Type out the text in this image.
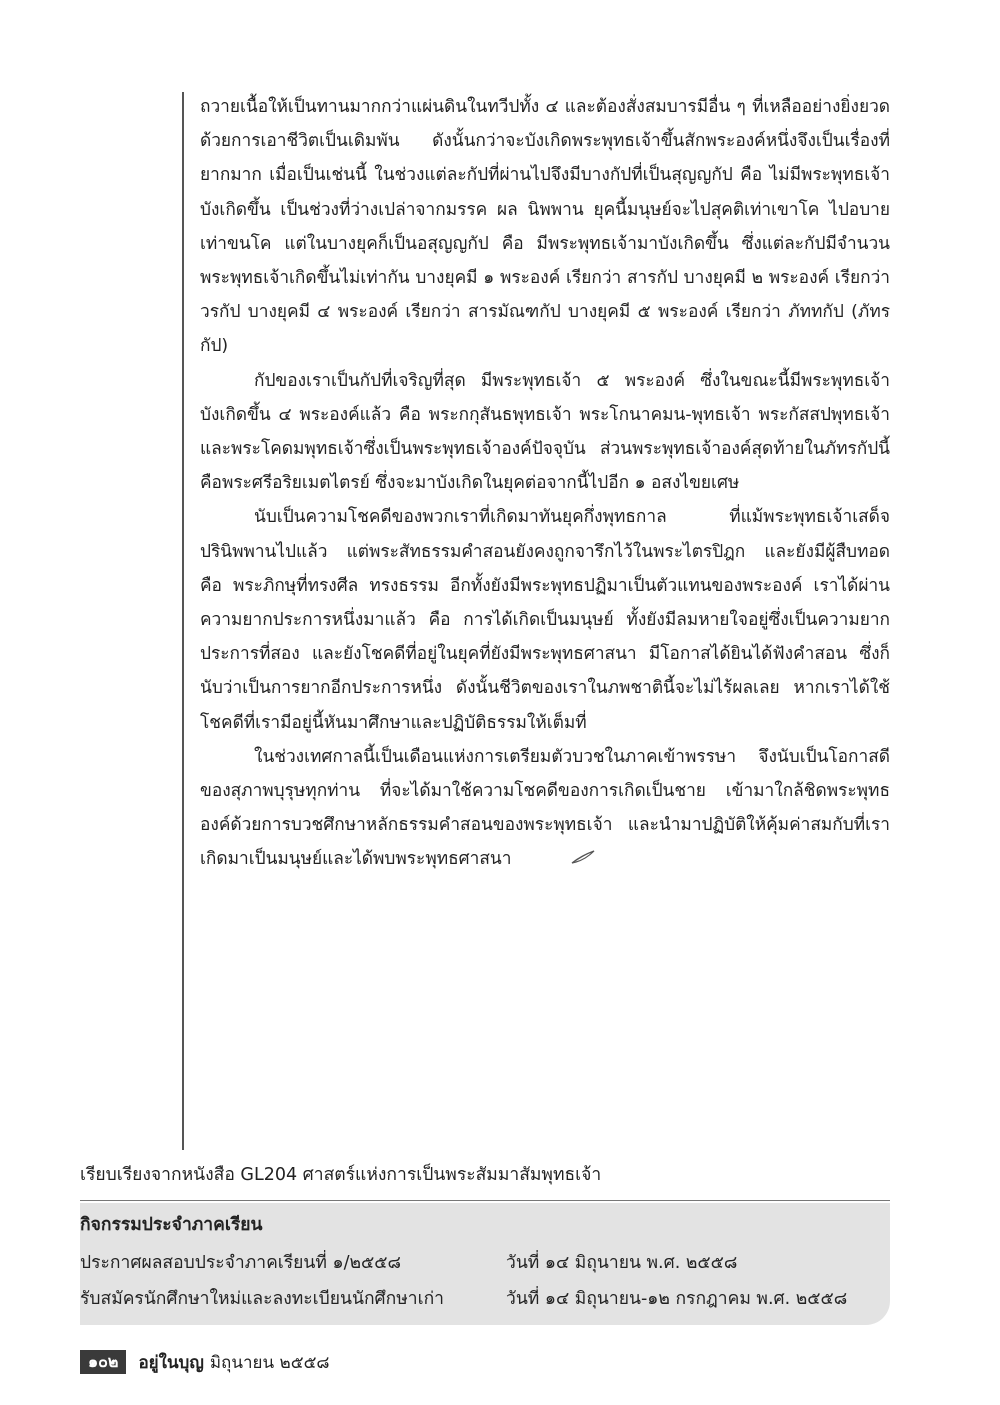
ถวายเนื้อให้เป็นทานมากกว่าแผ่นดินในทวีปทั้ง ๔ และต้องสั่งสมบารมีอื่น ๆ ที่เหลืออย่างยิ่งยวดด้วยการเอาชีวิตเป็นเดิมพัน ดังนั้นกว่าจะบังเกิดพระพุทธเจ้าขึ้นสักพระองค์หนึ่งจึงเป็นเรื่องที่ยากมาก เมื่อเป็นเช่นนี้ ในช่วงแต่ละกัปที่ผ่านไปจึงมีบางกัปที่เป็นสุญญกัป คือ ไม่มีพระพุทธเจ้าบังเกิดขึ้น เป็นช่วงที่ว่างเปล่าจากมรรค ผล นิพพาน ยุคนี้มนุษย์จะไปสุคติเท่าเขาโค ไปอบายเท่าขนโค แต่ในบางยุคก็เป็นอสุญญกัป คือ มีพระพุทธเจ้ามาบังเกิดขึ้น ซึ่งแต่ละกัปมีจำนวนพระพุทธเจ้าเกิดขึ้นไม่เท่ากัน บางยุคมี ๑ พระองค์ เรียกว่า สารกัป บางยุคมี ๒ พระองค์ เรียกว่า วรกัป บางยุคมี ๔ พระองค์ เรียกว่า สารมัณฑกัป บางยุคมี ๕ พระองค์ เรียกว่า ภัททกัป (ภัทรกัป)

กัปของเราเป็นกัปที่เจริญที่สุด มีพระพุทธเจ้า ๕ พระองค์ ซึ่งในขณะนี้มีพระพุทธเจ้าบังเกิดขึ้น ๔ พระองค์แล้ว คือ พระกกุสันธพุทธเจ้า พระโกนาคมน-พุทธเจ้า พระกัสสปพุทธเจ้า และพระโคดมพุทธเจ้าซึ่งเป็นพระพุทธเจ้าองค์ปัจจุบัน ส่วนพระพุทธเจ้าองค์สุดท้ายในภัทรกัปนี้ คือพระศรีอริยเมตไตรย์ ซึ่งจะมาบังเกิดในยุคต่อจากนี้ไปอีก ๑ อสงไขยเศษ

นับเป็นความโชคดีของพวกเราที่เกิดมาทันยุคกึ่งพุทธกาล ที่แม้พระพุทธเจ้าเสด็จปรินิพพานไปแล้ว แต่พระสัทธรรมคำสอนยังคงถูกจารึกไว้ในพระไตรปิฎก และยังมีผู้สืบทอด คือ พระภิกษุที่ทรงศีล ทรงธรรม อีกทั้งยังมีพระพุทธปฏิมาเป็นตัวแทนของพระองค์ เราได้ผ่านความยากประการหนึ่งมาแล้ว คือ การได้เกิดเป็นมนุษย์ ทั้งยังมีลมหายใจอยู่ซึ่งเป็นความยากประการที่สอง และยังโชคดีที่อยู่ในยุคที่ยังมีพระพุทธศาสนา มีโอกาสได้ยินได้ฟังคำสอน ซึ่งก็นับว่าเป็นการยากอีกประการหนึ่ง ดังนั้นชีวิตของเราในภพชาตินี้จะไม่ไร้ผลเลย หากเราได้ใช้โชคดีที่เรามีอยู่นี้หันมาศึกษาและปฏิบัติธรรมให้เต็มที่

ในช่วงเทศกาลนี้เป็นเดือนแห่งการเตรียมตัวบวชในภาคเข้าพรรษา จึงนับเป็นโอกาสดีของสุภาพบุรุษทุกท่าน ที่จะได้มาใช้ความโชคดีของการเกิดเป็นชาย เข้ามาใกล้ชิดพระพุทธองค์ด้วยการบวชศึกษาหลักธรรมคำสอนของพระพุทธเจ้า และนำมาปฏิบัติให้คุ้มค่าสมกับที่เราเกิดมาเป็นมนุษย์และได้พบพระพุทธศาสนา

เรียบเรียงจากหนังสือ GL204 ศาสตร์แห่งการเป็นพระสัมมาสัมพุทธเจ้า
กิจกรรมประจำภาคเรียน
ประกาศผลสอบประจำภาคเรียนที่ ๑/๒๕๕๘	วันที่ ๑๔ มิถุนายน พ.ศ. ๒๕๕๘
รับสมัครนักศึกษาใหม่และลงทะเบียนนักศึกษาเก่า	วันที่ ๑๔ มิถุนายน-๑๒ กรกฎาคม พ.ศ. ๒๕๕๘
๑๐๒	อยู่ในบุญ มิถุนายน ๒๕๕๘
